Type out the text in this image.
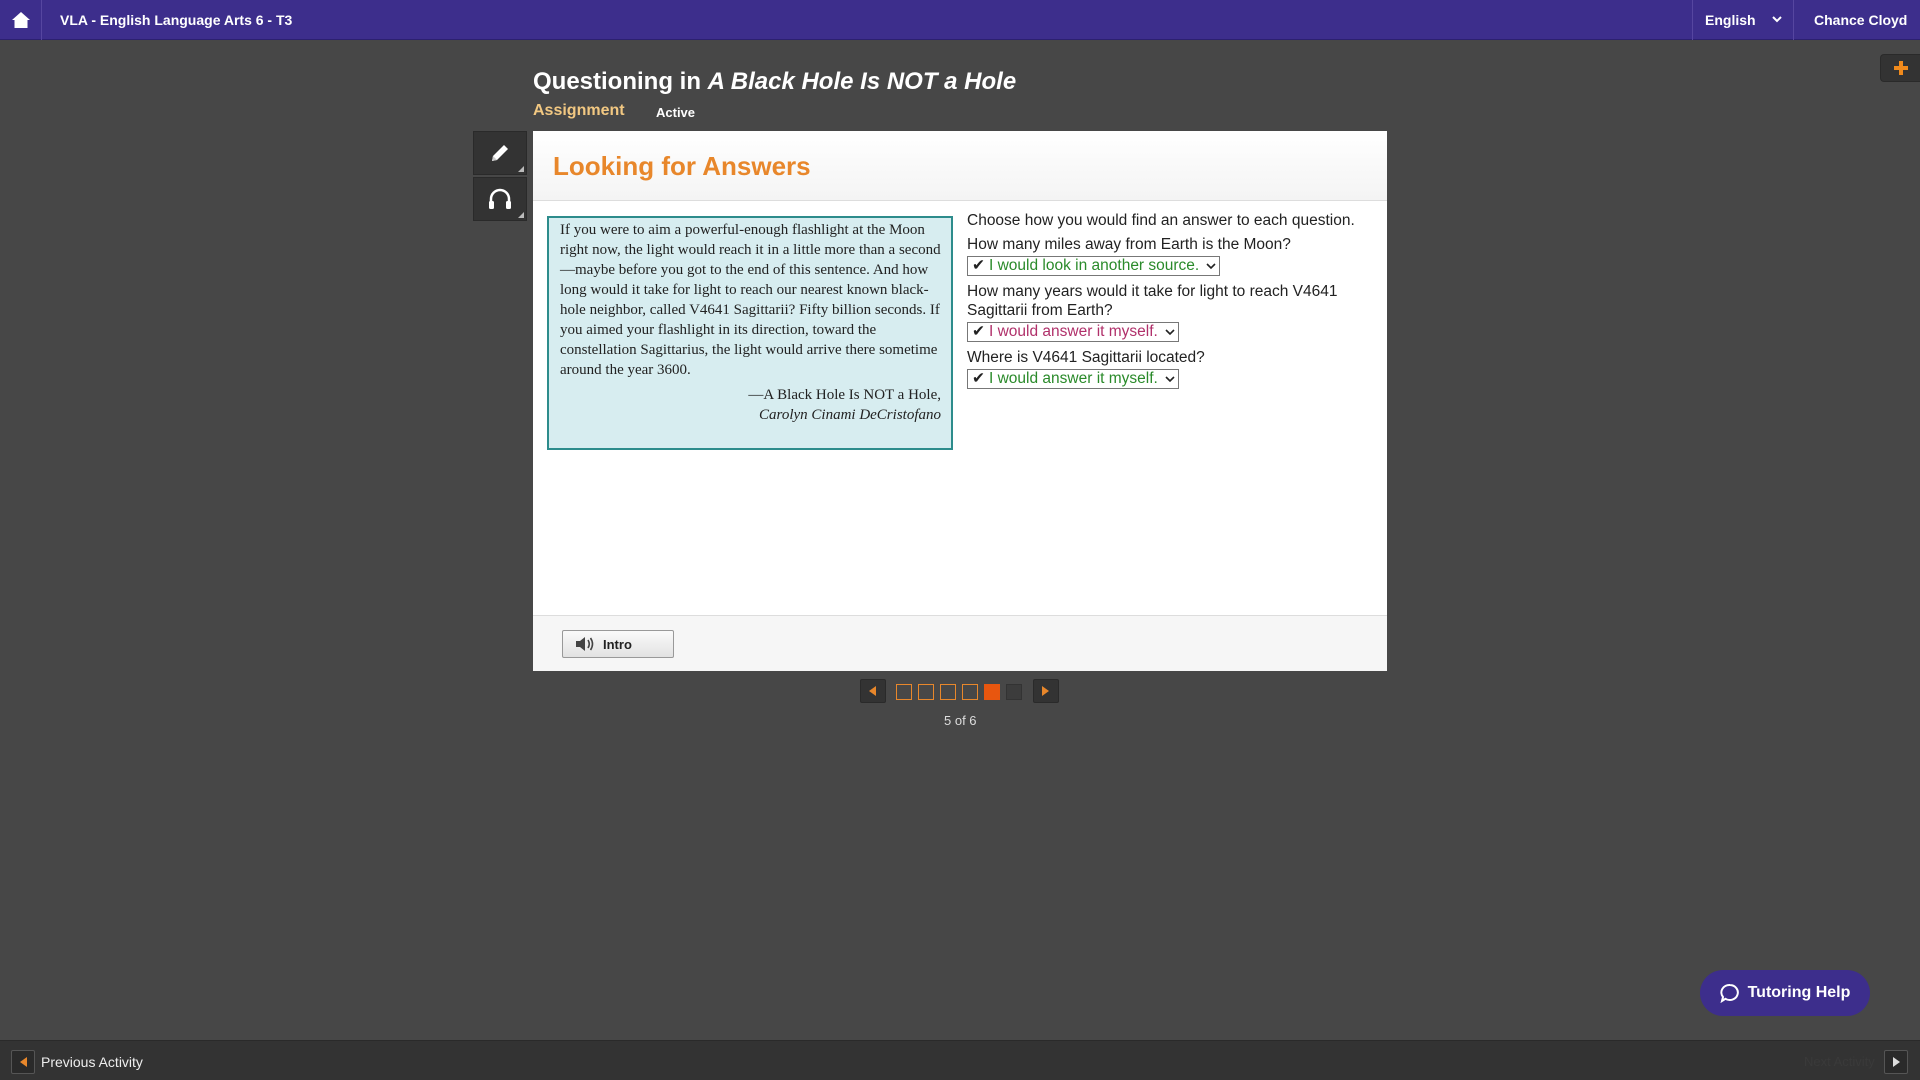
VLA - English Language Arts 6 - T3	English	Chance Cloyd
Questioning in A Black Hole Is NOT a Hole
Assignment Active
Looking for Answers
If you were to aim a powerful-enough flashlight at the Moon right now, the light would reach it in a little more than a second—maybe before you got to the end of this sentence. And how long would it take for light to reach our nearest known black-hole neighbor, called V4641 Sagittarii? Fifty billion seconds. If you aimed your flashlight in its direction, toward the constellation Sagittarius, the light would arrive there sometime around the year 3600.
—A Black Hole Is NOT a Hole,
Carolyn Cinami DeCristofano
Choose how you would find an answer to each question.
How many miles away from Earth is the Moon?
✔ I would look in another source.
How many years would it take for light to reach V4641 Sagittarii from Earth?
✔ I would answer it myself.
Where is V4641 Sagittarii located?
✔ I would answer it myself.
Intro
5 of 6
Tutoring Help
Previous Activity	Next Activity
